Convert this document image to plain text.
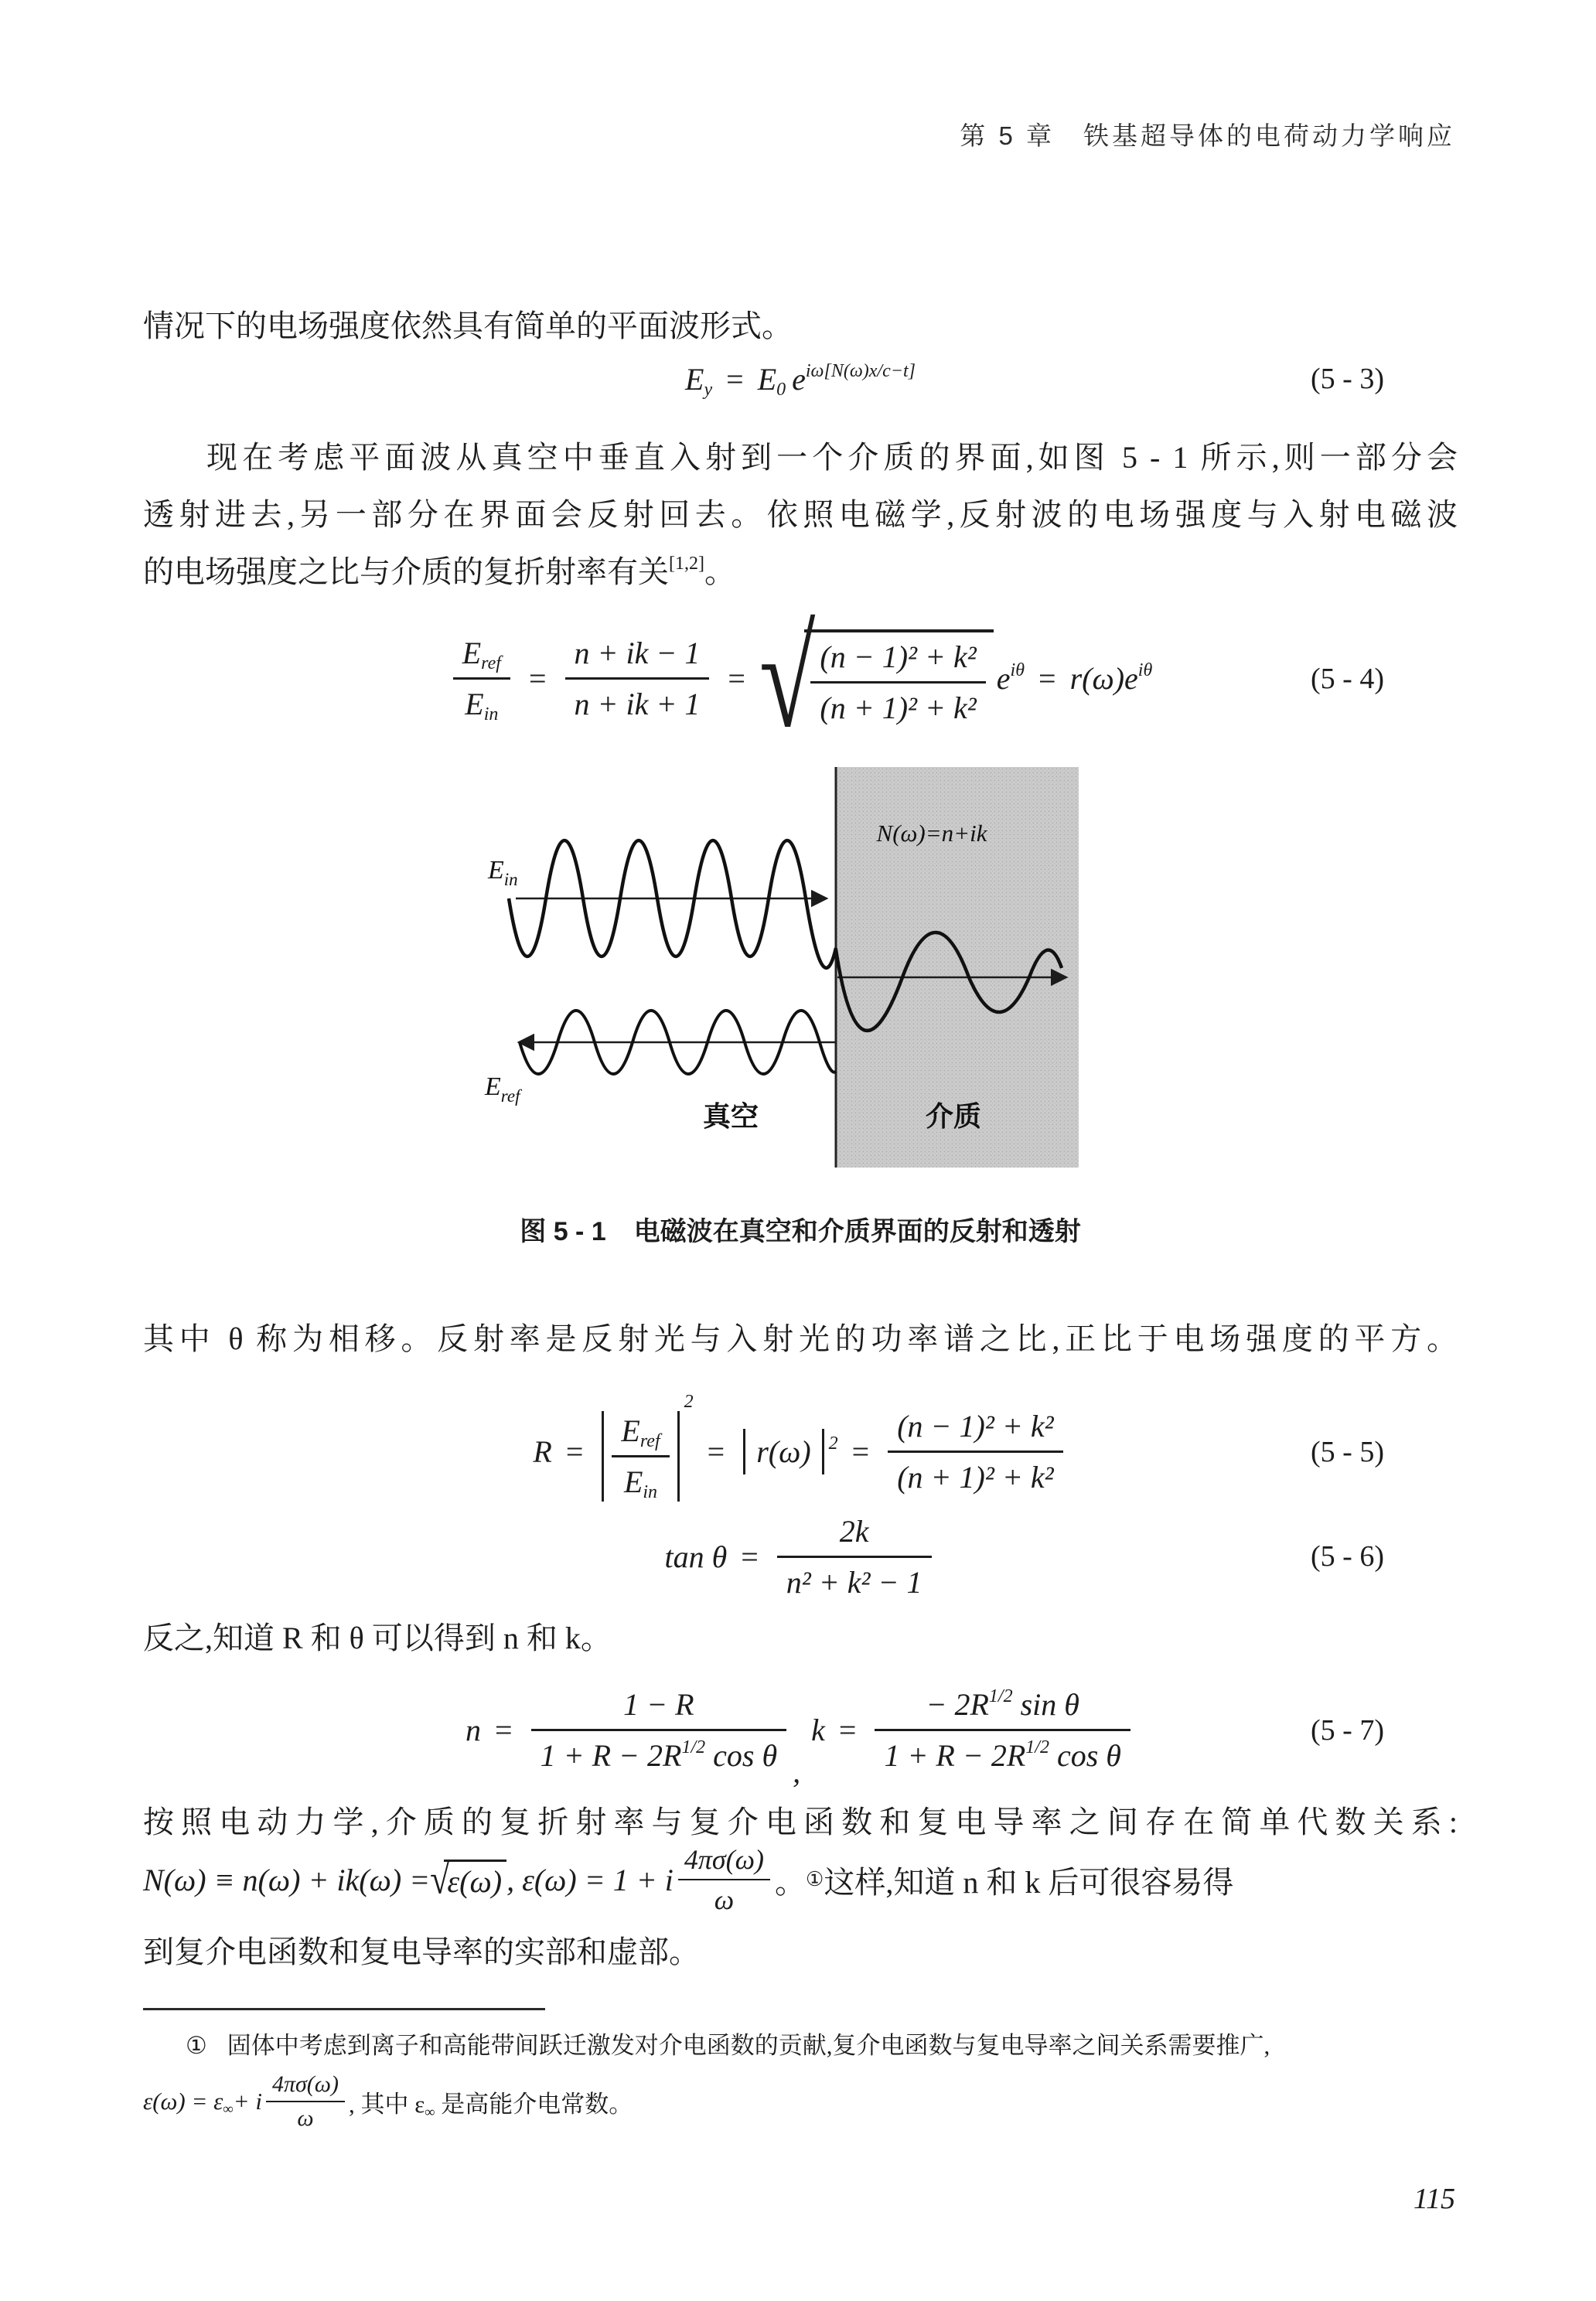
第 5 章　铁基超导体的电荷动力学响应
情况下的电场强度依然具有简单的平面波形式。
$E_y = E_0$ $e^{i\omega[N(\omega)x/c-t]}$	(5 - 3)
现在考虑平面波从真空中垂直入射到一个介质的界面,如图 5 - 1 所示,则一部分会
透射进去,另一部分在界面会反射回去。依照电磁学,反射波的电场强度与入射电磁波
的电场强度之比与介质的复折射率有关[1,2]。
$\frac{E_{ref}}{E_{in}} = \frac{n + ik - 1}{n + ik + 1}$ = √
$\frac{\text{(n − 1)² + k²}}{\text{(n + 1)² + k²}} e^{i\theta} = r(\omega)e^{i\theta}$	(5 - 4)
N(ω)=n+ik
$E_{in}$
$E_{ref}$
真空	介质
图 5 - 1 电磁波在真空和介质界面的反射和透射
其中 θ 称为相移。反射率是反射光与入射光的功率谱之比,正比于电场强度的平方。
$R = \frac{E_{ref}}{E_{in}}$
$^2$
= r(ω) $^2 = \frac{\text{(n − 1)² + k²}}{\text{(n + 1)² + k²}}$	(5 - 5)
$\tan \theta = \frac{2k}{\text{n² + k² − 1}}$	(5 - 6)
反之,知道 R 和 θ 可以得到 n 和 k。
$n = \frac{1 - R}{1 + R - 2R^{1/2} \cos \theta}$ ,
$k = \frac{- 2R^{1/2} \sin \theta}{1 + R - 2R^{1/2} \cos \theta}$	(5 - 7)
按照电动力学,介质的复折射率与复介电函数和复电导率之间存在简单代数关系:
N(ω) ≡ n(ω) + ik(ω) = √
ε(ω) , ε(ω) = 1 + i $\frac{4\pi\sigma(\omega)}{\omega}$ 。 ① 这样,知道 n 和 k 后可很容易得
到复介电函数和复电导率的实部和虚部。
① 固体中考虑到离子和高能带间跃迁激发对介电函数的贡献,复介电函数与复电导率之间关系需要推广,
$\varepsilon(\omega) = \varepsilon_\infty + i \frac{4\pi\sigma(\omega)}{\omega}$ , 其中 $\varepsilon_\infty$ 是高能介电常数。
115
